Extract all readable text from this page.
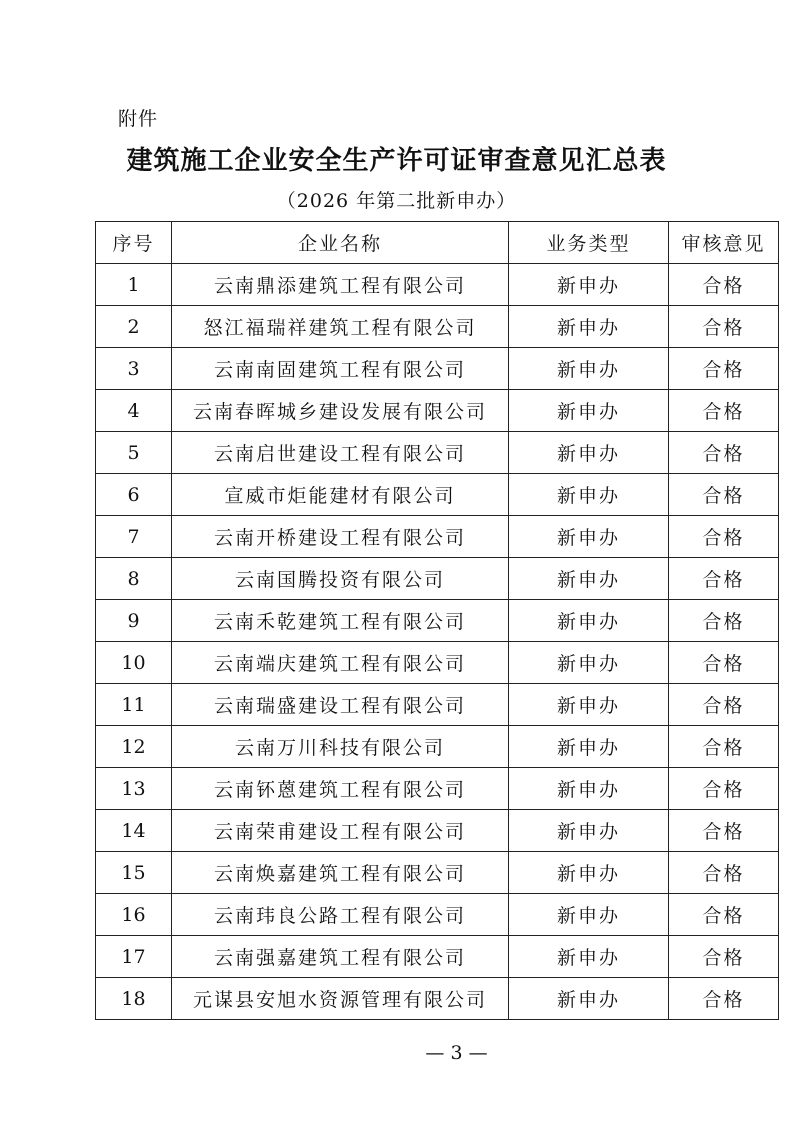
附件
建筑施工企业安全生产许可证审查意见汇总表
（2026 年第二批新申办）
序号	企业名称	业务类型	审核意见
1	云南鼎添建筑工程有限公司	新申办	合格
2	怒江福瑞祥建筑工程有限公司	新申办	合格
3	云南南固建筑工程有限公司	新申办	合格
4	云南春晖城乡建设发展有限公司	新申办	合格
5	云南启世建设工程有限公司	新申办	合格
6	宣威市炬能建材有限公司	新申办	合格
7	云南开桥建设工程有限公司	新申办	合格
8	云南国腾投资有限公司	新申办	合格
9	云南禾乾建筑工程有限公司	新申办	合格
10	云南端庆建筑工程有限公司	新申办	合格
11	云南瑞盛建设工程有限公司	新申办	合格
12	云南万川科技有限公司	新申办	合格
13	云南钚蒽建筑工程有限公司	新申办	合格
14	云南荣甫建设工程有限公司	新申办	合格
15	云南焕嘉建筑工程有限公司	新申办	合格
16	云南玮良公路工程有限公司	新申办	合格
17	云南强嘉建筑工程有限公司	新申办	合格
18	元谋县安旭水资源管理有限公司	新申办	合格
— 3 —
